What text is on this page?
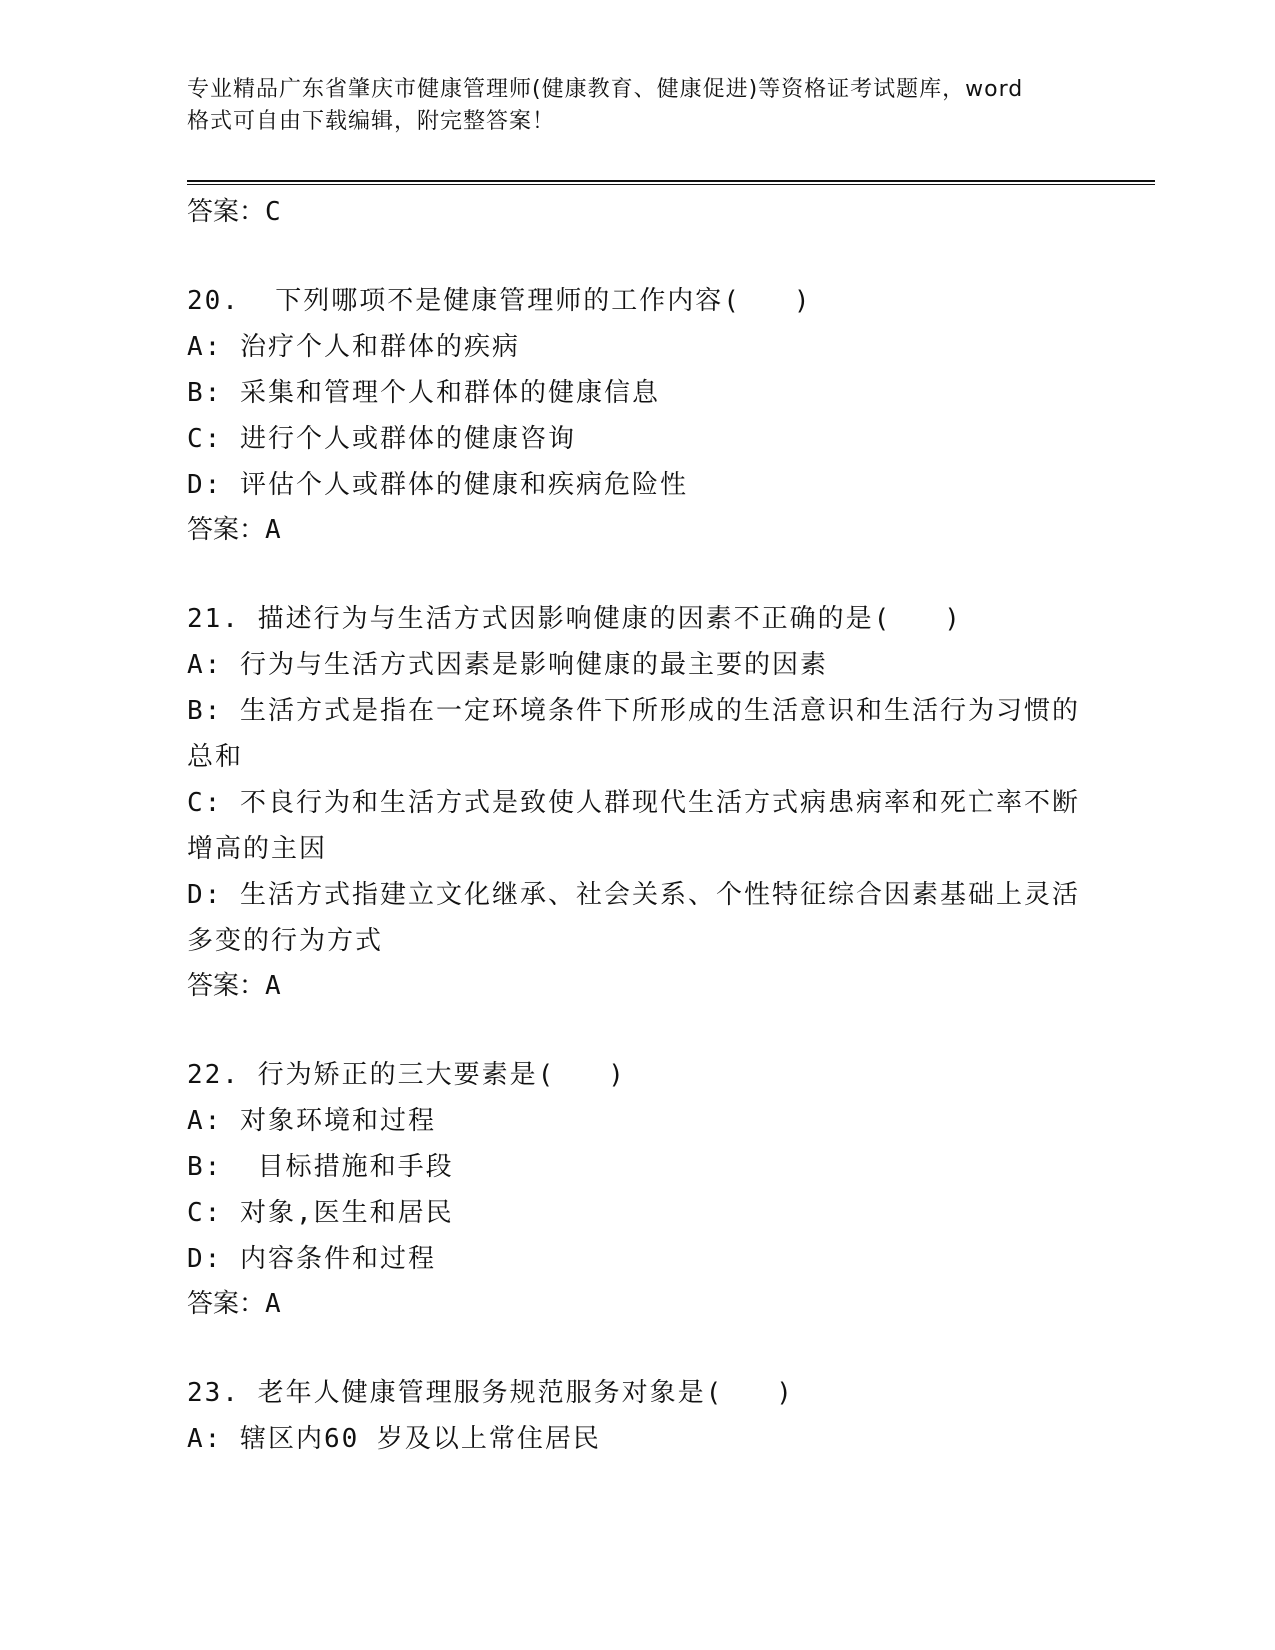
专业精品广东省肇庆市健康管理师(健康教育、健康促进)等资格证考试题库，word
格式可自由下载编辑，附完整答案！
答案：C
20.  下列哪项不是健康管理师的工作内容(   )
A: 治疗个人和群体的疾病
B: 采集和管理个人和群体的健康信息
C: 进行个人或群体的健康咨询
D: 评估个人或群体的健康和疾病危险性
答案：A
21. 描述行为与生活方式因影响健康的因素不正确的是(   )
A: 行为与生活方式因素是影响健康的最主要的因素
B: 生活方式是指在一定环境条件下所形成的生活意识和生活行为习惯的总和
C: 不良行为和生活方式是致使人群现代生活方式病患病率和死亡率不断增高的主因
D: 生活方式指建立文化继承、社会关系、个性特征综合因素基础上灵活多变的行为方式
答案：A
22. 行为矫正的三大要素是(   )
A: 对象环境和过程
B:  目标措施和手段
C: 对象,医生和居民
D: 内容条件和过程
答案：A
23. 老年人健康管理服务规范服务对象是(   )
A: 辖区内60 岁及以上常住居民
